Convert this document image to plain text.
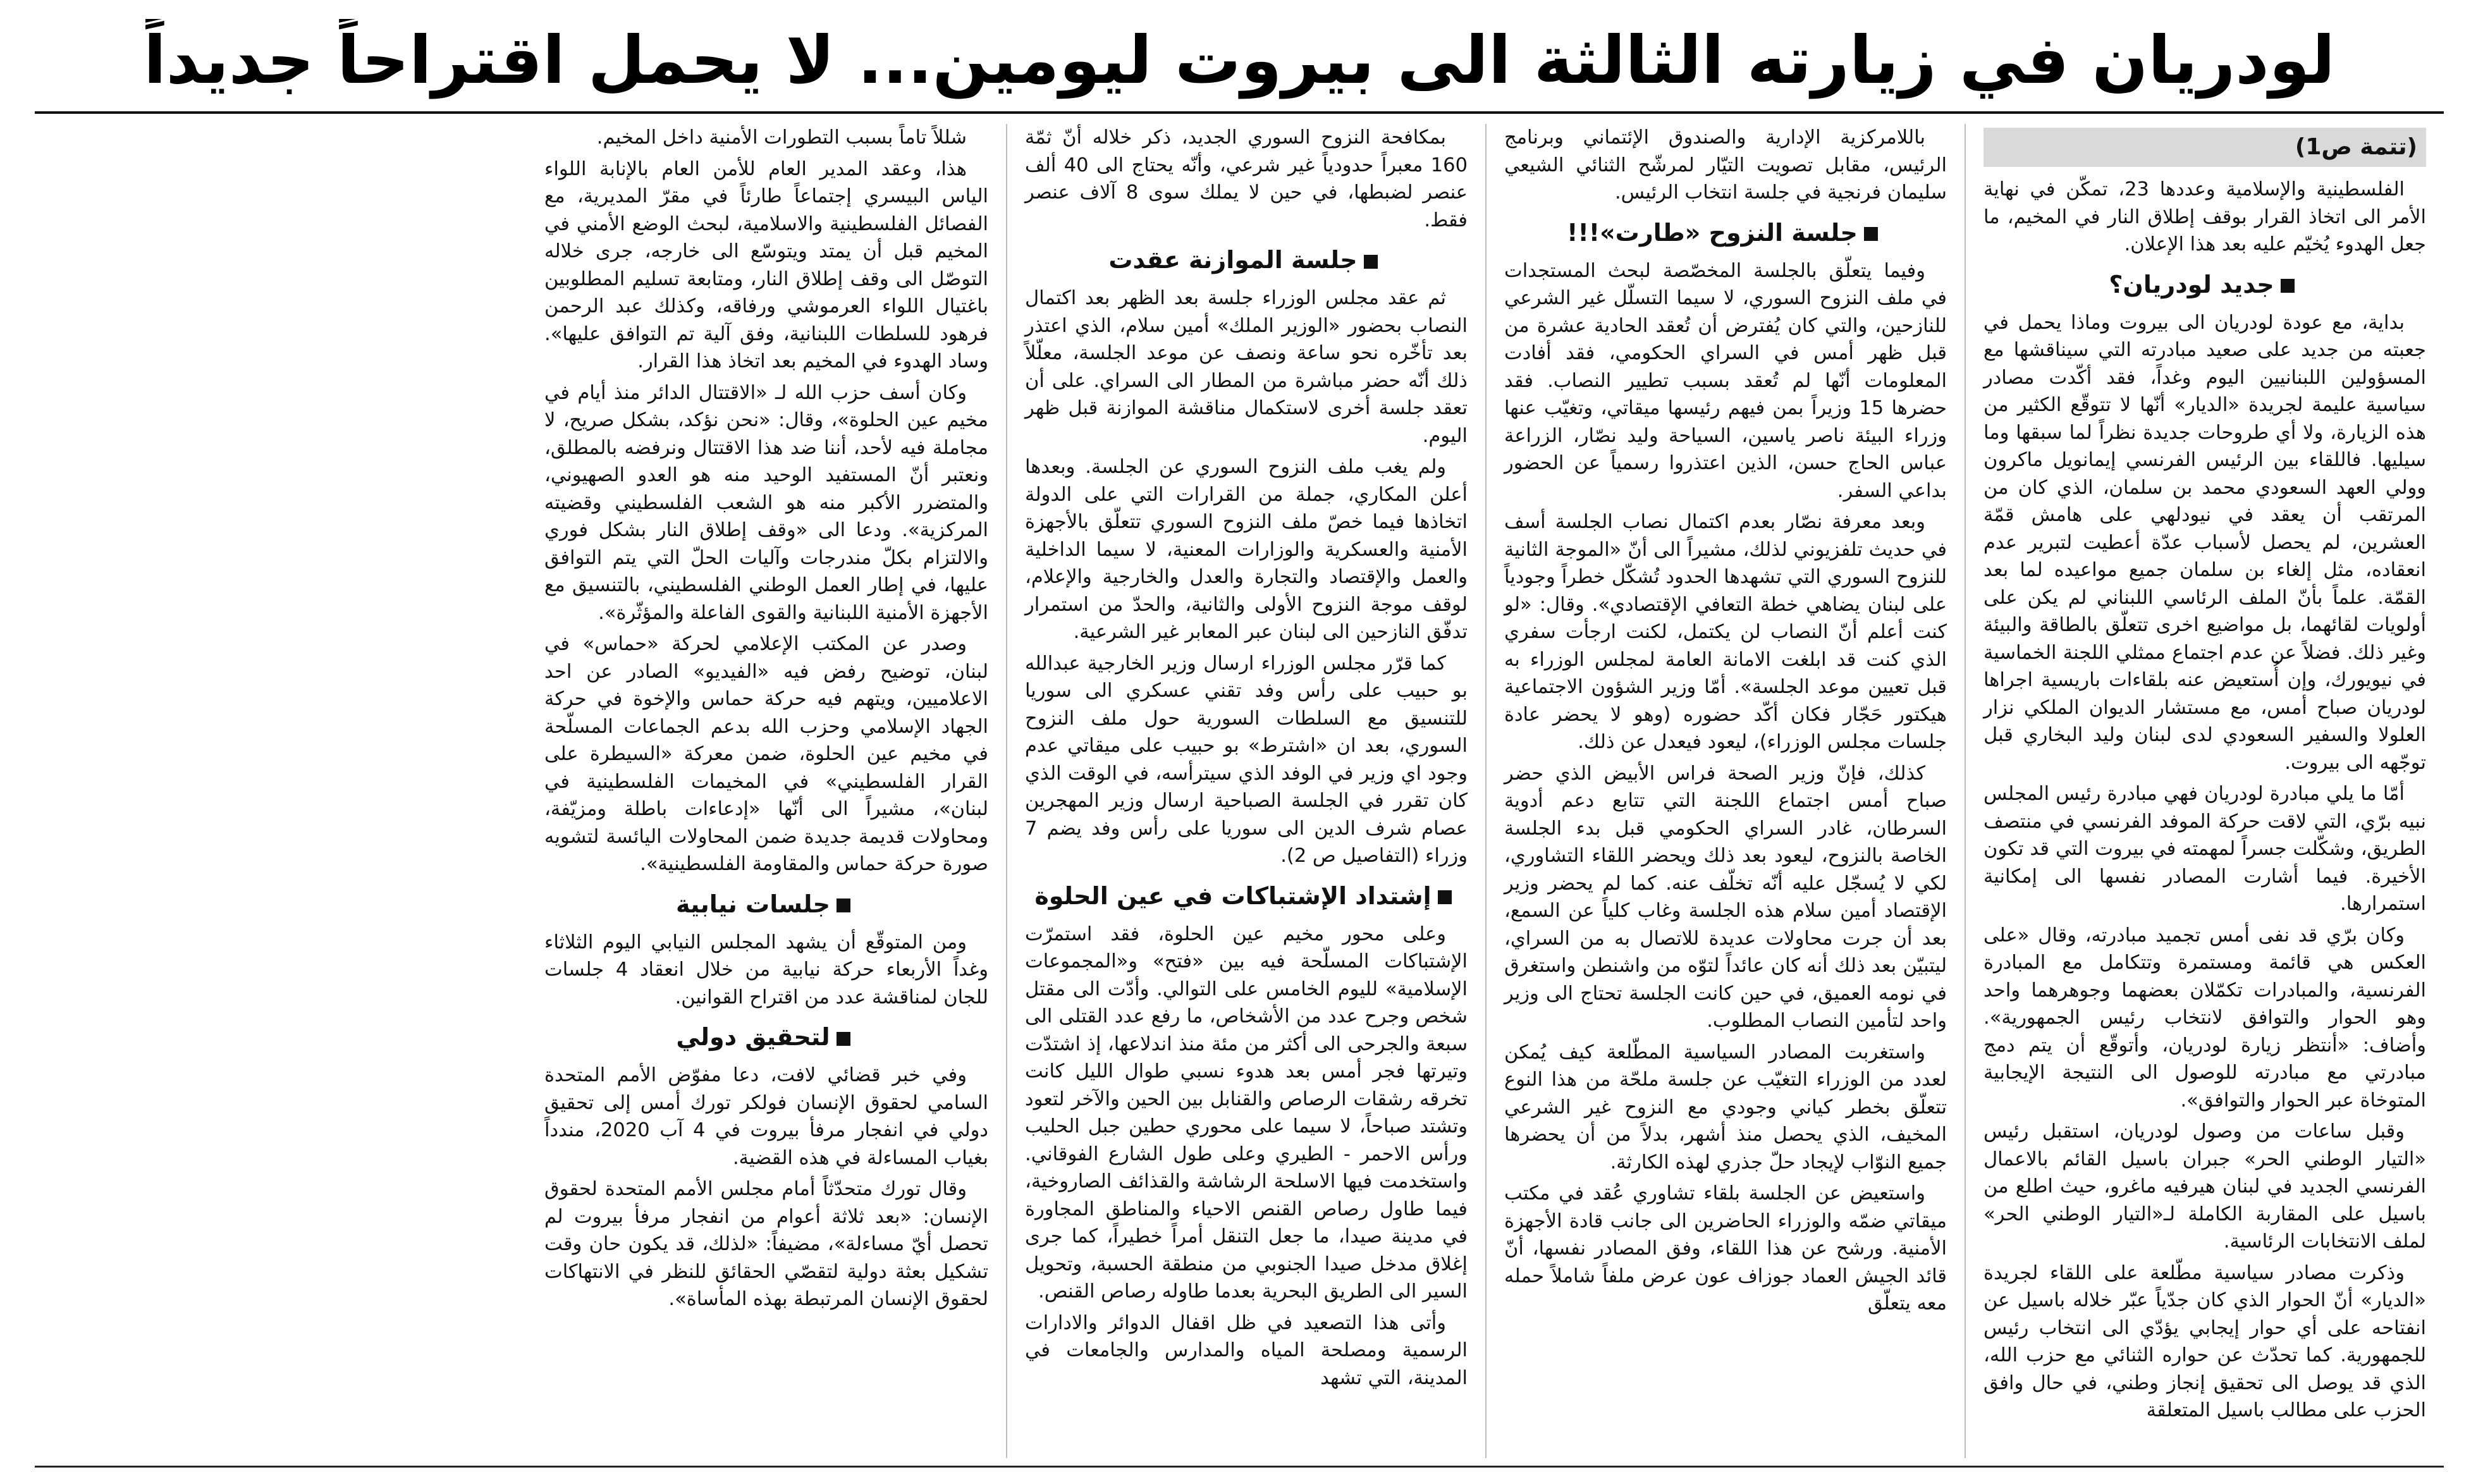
لودريان في زيارته الثالثة الى بيروت ليومين... لا يحمل اقتراحاً جديداً
(تتمة ص1)

الفلسطينية والإسلامية وعددها 23، تمكّن في نهاية الأمر الى اتخاذ القرار بوقف إطلاق النار في المخيم، ما جعل الهدوء يُخيّم عليه بعد هذا الإعلان.

جديد لودريان؟

بداية، مع عودة لودريان الى بيروت وماذا يحمل في جعبته من جديد على صعيد مبادرته التي سيناقشها مع المسؤولين اللبنانيين اليوم وغداً، فقد أكّدت مصادر سياسية عليمة لجريدة «الديار» أنّها لا تتوقّع الكثير من هذه الزيارة، ولا أي طروحات جديدة نظراً لما سبقها وما سيليها. فاللقاء بين الرئيس الفرنسي إيمانويل ماكرون وولي العهد السعودي محمد بن سلمان، الذي كان من المرتقب أن يعقد في نيودلهي على هامش قمّة العشرين، لم يحصل لأسباب عدّة أعطيت لتبرير عدم انعقاده، مثل إلغاء بن سلمان جميع مواعيده لما بعد القمّة. علماً بأنّ الملف الرئاسي اللبناني لم يكن على أولويات لقائهما، بل مواضيع اخرى تتعلّق بالطاقة والبيئة وغير ذلك. فضلاً عن عدم اجتماع ممثلي اللجنة الخماسية في نيويورك، وإن أُستعيض عنه بلقاءات باريسية اجراها لودريان صباح أمس، مع مستشار الديوان الملكي نزار العلولا والسفير السعودي لدى لبنان وليد البخاري قبل توجّهه الى بيروت.

أمّا ما يلي مبادرة لودريان فهي مبادرة رئيس المجلس نبيه برّي، التي لاقت حركة الموفد الفرنسي في منتصف الطريق، وشكّلت جسراً لمهمته في بيروت التي قد تكون الأخيرة. فيما أشارت المصادر نفسها الى إمكانية استمرارها.

وكان برّي قد نفى أمس تجميد مبادرته، وقال «على العكس هي قائمة ومستمرة وتتكامل مع المبادرة الفرنسية، والمبادرات تكمّلان بعضهما وجوهرهما واحد وهو الحوار والتوافق لانتخاب رئيس الجمهورية». وأضاف: «أنتظر زيارة لودريان، وأتوقّع أن يتم دمج مبادرتي مع مبادرته للوصول الى النتيجة الإيجابية المتوخاة عبر الحوار والتوافق».

وقبل ساعات من وصول لودريان، استقبل رئيس «التيار الوطني الحر» جبران باسيل القائم بالاعمال الفرنسي الجديد في لبنان هيرفيه ماغرو، حيث اطلع من باسيل على المقاربة الكاملة لـ«التيار الوطني الحر» لملف الانتخابات الرئاسية.

وذكرت مصادر سياسية مطّلعة على اللقاء لجريدة «الديار» أنّ الحوار الذي كان جدّياً عبّر خلاله باسيل عن انفتاحه على أي حوار إيجابي يؤدّي الى انتخاب رئيس للجمهورية. كما تحدّث عن حواره الثنائي مع حزب الله، الذي قد يوصل الى تحقيق إنجاز وطني، في حال وافق الحزب على مطالب باسيل المتعلقة

باللامركزية الإدارية والصندوق الإئتماني وبرنامج الرئيس، مقابل تصويت التيّار لمرشّح الثنائي الشيعي سليمان فرنجية في جلسة انتخاب الرئيس.

جلسة النزوح «طارت»!!!

وفيما يتعلّق بالجلسة المخصّصة لبحث المستجدات في ملف النزوح السوري، لا سيما التسلّل غير الشرعي للنازحين، والتي كان يُفترض أن تُعقد الحادية عشرة من قبل ظهر أمس في السراي الحكومي، فقد أفادت المعلومات أنّها لم تُعقد بسبب تطيير النصاب. فقد حضرها 15 وزيراً بمن فيهم رئيسها ميقاتي، وتغيّب عنها وزراء البيئة ناصر ياسين، السياحة وليد نصّار، الزراعة عباس الحاج حسن، الذين اعتذروا رسمياً عن الحضور بداعي السفر.

وبعد معرفة نصّار بعدم اكتمال نصاب الجلسة أسف في حديث تلفزيوني لذلك، مشيراً الى أنّ «الموجة الثانية للنزوح السوري التي تشهدها الحدود تُشكّل خطراً وجودياً على لبنان يضاهي خطة التعافي الإقتصادي». وقال: «لو كنت أعلم أنّ النصاب لن يكتمل، لكنت ارجأت سفري الذي كنت قد ابلغت الامانة العامة لمجلس الوزراء به قبل تعيين موعد الجلسة». أمّا وزير الشؤون الاجتماعية هيكتور حَجّار فكان أكّد حضوره (وهو لا يحضر عادة جلسات مجلس الوزراء)، ليعود فيعدل عن ذلك.

كذلك، فإنّ وزير الصحة فراس الأبيض الذي حضر صباح أمس اجتماع اللجنة التي تتابع دعم أدوية السرطان، غادر السراي الحكومي قبل بدء الجلسة الخاصة بالنزوح، ليعود بعد ذلك ويحضر اللقاء التشاوري، لكي لا يُسجّل عليه أنّه تخلّف عنه. كما لم يحضر وزير الإقتصاد أمين سلام هذه الجلسة وغاب كلياً عن السمع، بعد أن جرت محاولات عديدة للاتصال به من السراي، ليتبيّن بعد ذلك أنه كان عائداً لتوّه من واشنطن واستغرق في نومه العميق، في حين كانت الجلسة تحتاج الى وزير واحد لتأمين النصاب المطلوب.

واستغربت المصادر السياسية المطّلعة كيف يُمكن لعدد من الوزراء التغيّب عن جلسة ملحّة من هذا النوع تتعلّق بخطر كياني وجودي مع النزوح غير الشرعي المخيف، الذي يحصل منذ أشهر، بدلاً من أن يحضرها جميع النوّاب لإيجاد حلّ جذري لهذه الكارثة.

واستعيض عن الجلسة بلقاء تشاوري عُقد في مكتب ميقاتي ضمّه والوزراء الحاضرين الى جانب قادة الأجهزة الأمنية. ورشح عن هذا اللقاء، وفق المصادر نفسها، أنّ قائد الجيش العماد جوزاف عون عرض ملفاً شاملاً حمله معه يتعلّق

بمكافحة النزوح السوري الجديد، ذكر خلاله أنّ ثمّة 160 معبراً حدودياً غير شرعي، وأنّه يحتاج الى 40 ألف عنصر لضبطها، في حين لا يملك سوى 8 آلاف عنصر فقط.

جلسة الموازنة عقدت

ثم عقد مجلس الوزراء جلسة بعد الظهر بعد اكتمال النصاب بحضور «الوزير الملك» أمين سلام، الذي اعتذر بعد تأخّره نحو ساعة ونصف عن موعد الجلسة، معلّلاً ذلك أنّه حضر مباشرة من المطار الى السراي. على أن تعقد جلسة أخرى لاستكمال مناقشة الموازنة قبل ظهر اليوم.

ولم يغب ملف النزوح السوري عن الجلسة. وبعدها أعلن المكاري، جملة من القرارات التي على الدولة اتخاذها فيما خصّ ملف النزوح السوري تتعلّق بالأجهزة الأمنية والعسكرية والوزارات المعنية، لا سيما الداخلية والعمل والإقتصاد والتجارة والعدل والخارجية والإعلام، لوقف موجة النزوح الأولى والثانية، والحدّ من استمرار تدفّق النازحين الى لبنان عبر المعابر غير الشرعية.

كما قرّر مجلس الوزراء ارسال وزير الخارجية عبدالله بو حبيب على رأس وفد تقني عسكري الى سوريا للتنسيق مع السلطات السورية حول ملف النزوح السوري، بعد ان «اشترط» بو حبيب على ميقاتي عدم وجود اي وزير في الوفد الذي سيترأسه، في الوقت الذي كان تقرر في الجلسة الصباحية ارسال وزير المهجرين عصام شرف الدين الى سوريا على رأس وفد يضم 7 وزراء (التفاصيل ص 2).

إشتداد الإشتباكات في عين الحلوة

وعلى محور مخيم عين الحلوة، فقد استمرّت الإشتباكات المسلّحة فيه بين «فتح» و«المجموعات الإسلامية» لليوم الخامس على التوالي. وأدّت الى مقتل شخص وجرح عدد من الأشخاص، ما رفع عدد القتلى الى سبعة والجرحى الى أكثر من مئة منذ اندلاعها، إذ اشتدّت وتيرتها فجر أمس بعد هدوء نسبي طوال الليل كانت تخرقه رشقات الرصاص والقنابل بين الحين والآخر لتعود وتشتد صباحاً، لا سيما على محوري حطين جبل الحليب ورأس الاحمر - الطيري وعلى طول الشارع الفوقاني. واستخدمت فيها الاسلحة الرشاشة والقذائف الصاروخية، فيما طاول رصاص القنص الاحياء والمناطق المجاورة في مدينة صيدا، ما جعل التنقل أمراً خطيراً، كما جرى إغلاق مدخل صيدا الجنوبي من منطقة الحسبة، وتحويل السير الى الطريق البحرية بعدما طاوله رصاص القنص.

وأتى هذا التصعيد في ظل اقفال الدوائر والادارات الرسمية ومصلحة المياه والمدارس والجامعات في المدينة، التي تشهد

شللاً تاماً بسبب التطورات الأمنية داخل المخيم.

هذا، وعقد المدير العام للأمن العام بالإنابة اللواء الياس البيسري إجتماعاً طارئاً في مقرّ المديرية، مع الفصائل الفلسطينية والاسلامية، لبحث الوضع الأمني في المخيم قبل أن يمتد ويتوسّع الى خارجه، جرى خلاله التوصّل الى وقف إطلاق النار، ومتابعة تسليم المطلوبين باغتيال اللواء العرموشي ورفاقه، وكذلك عبد الرحمن فرهود للسلطات اللبنانية، وفق آلية تم التوافق عليها». وساد الهدوء في المخيم بعد اتخاذ هذا القرار.

وكان أسف حزب الله لـ «الاقتتال الدائر منذ أيام في مخيم عين الحلوة»، وقال: «نحن نؤكد، بشكل صريح، لا مجاملة فيه لأحد، أننا ضد هذا الاقتتال ونرفضه بالمطلق، ونعتبر أنّ المستفيد الوحيد منه هو العدو الصهيوني، والمتضرر الأكبر منه هو الشعب الفلسطيني وقضيته المركزية». ودعا الى «وقف إطلاق النار بشكل فوري والالتزام بكلّ مندرجات وآليات الحلّ التي يتم التوافق عليها، في إطار العمل الوطني الفلسطيني، بالتنسيق مع الأجهزة الأمنية اللبنانية والقوى الفاعلة والمؤثّرة».

وصدر عن المكتب الإعلامي لحركة «حماس» في لبنان، توضيح رفض فيه «الفيديو» الصادر عن احد الاعلاميين، ويتهم فيه حركة حماس والإخوة في حركة الجهاد الإسلامي وحزب الله بدعم الجماعات المسلّحة في مخيم عين الحلوة، ضمن معركة «السيطرة على القرار الفلسطيني» في المخيمات الفلسطينية في لبنان»، مشيراً الى أنّها «إدعاءات باطلة ومزيّفة، ومحاولات قديمة جديدة ضمن المحاولات اليائسة لتشويه صورة حركة حماس والمقاومة الفلسطينية».

جلسات نيابية

ومن المتوقّع أن يشهد المجلس النيابي اليوم الثلاثاء وغداً الأربعاء حركة نيابية من خلال انعقاد 4 جلسات للجان لمناقشة عدد من اقتراح القوانين.

لتحقيق دولي

وفي خبر قضائي لافت، دعا مفوّض الأمم المتحدة السامي لحقوق الإنسان فولكر تورك أمس إلى تحقيق دولي في انفجار مرفأ بيروت في 4 آب 2020، مندداً بغياب المساءلة في هذه القضية.

وقال تورك متحدّثاً أمام مجلس الأمم المتحدة لحقوق الإنسان: «بعد ثلاثة أعوام من انفجار مرفأ بيروت لم تحصل أيّ مساءلة»، مضيفاً: «لذلك، قد يكون حان وقت تشكيل بعثة دولية لتقصّي الحقائق للنظر في الانتهاكات لحقوق الإنسان المرتبطة بهذه المأساة».
